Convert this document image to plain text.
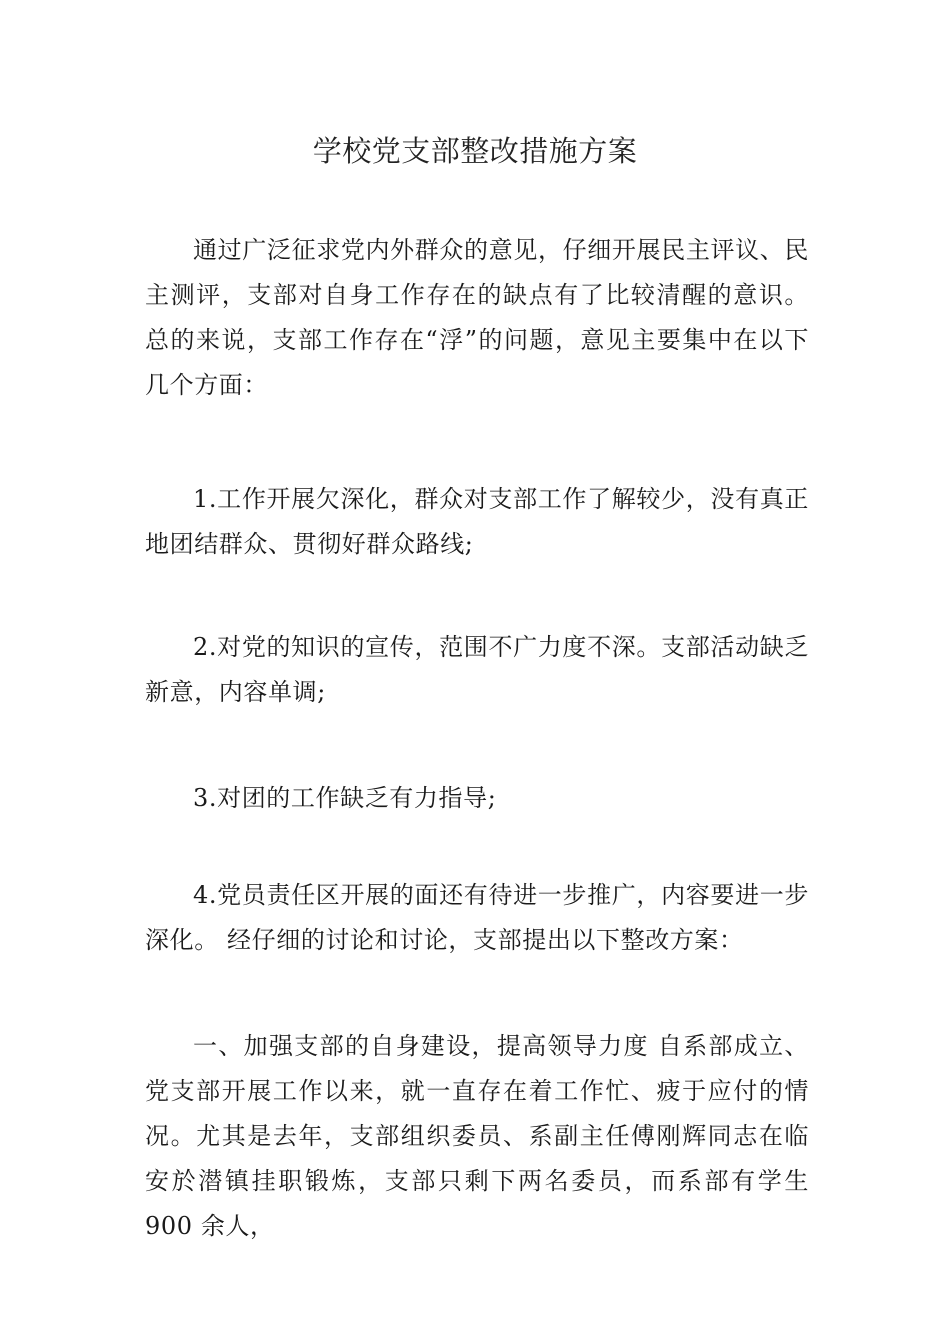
学校党支部整改措施方案

通过广泛征求党内外群众的意见，仔细开展民主评议、民主测评，支部对自身工作存在的缺点有了比较清醒的意识。总的来说，支部工作存在“浮”的问题，意见主要集中在以下几个方面：

1.工作开展欠深化，群众对支部工作了解较少，没有真正地团结群众、贯彻好群众路线;

2.对党的知识的宣传，范围不广力度不深。支部活动缺乏新意，内容单调;

3.对团的工作缺乏有力指导;

4.党员责任区开展的面还有待进一步推广，内容要进一步深化。 经仔细的讨论和讨论，支部提出以下整改方案：

一、加强支部的自身建设，提高领导力度 自系部成立、党支部开展工作以来，就一直存在着工作忙、疲于应付的情况。尤其是去年，支部组织委员、系副主任傅刚辉同志在临安於潜镇挂职锻炼，支部只剩下两名委员，而系部有学生 900 余人，
